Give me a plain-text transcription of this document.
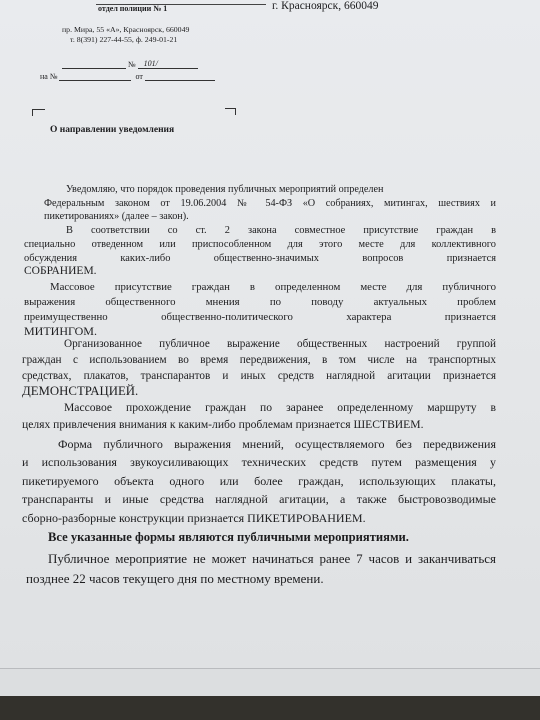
отдел полиции № 1
пр. Мира, 55 «А», Красноярск, 660049
т. 8(391) 227-44-55, ф. 249-01-21
г. Красноярск, 660049
№ 101/
на №	от
О направлении уведомления
Уведомляю, что порядок проведения публичных мероприятий определен
Федеральным законом от 19.06.2004 № 54-ФЗ «О собраниях, митингах, шествиях и
пикетированиях» (далее – закон).
В соответствии со ст. 2 закона совместное присутствие граждан в
специально отведенном или приспособленном для этого месте для коллективного
обсуждения каких-либо общественно-значимых вопросов признается
СОБРАНИЕМ.
Массовое присутствие граждан в определенном месте для публичного
выражения общественного мнения по поводу актуальных проблем
преимущественно общественно-политического характера признается
МИТИНГОМ.
Организованное публичное выражение общественных настроений группой
граждан с использованием во время передвижения, в том числе на транспортных
средствах, плакатов, транспарантов и иных средств наглядной агитации признается
ДЕМОНСТРАЦИЕЙ.
Массовое прохождение граждан по заранее определенному маршруту в
целях привлечения внимания к каким-либо проблемам признается ШЕСТВИЕМ.
Форма публичного выражения мнений, осуществляемого без передвижения
и использования звукоусиливающих технических средств путем размещения у
пикетируемого объекта одного или более граждан, использующих плакаты,
транспаранты и иные средства наглядной агитации, а также быстровозводимые
сборно-разборные конструкции признается ПИКЕТИРОВАНИЕМ.
Все указанные формы являются публичными мероприятиями.
Публичное мероприятие не может начинаться ранее 7 часов и заканчиваться
позднее 22 часов текущего дня по местному времени.
